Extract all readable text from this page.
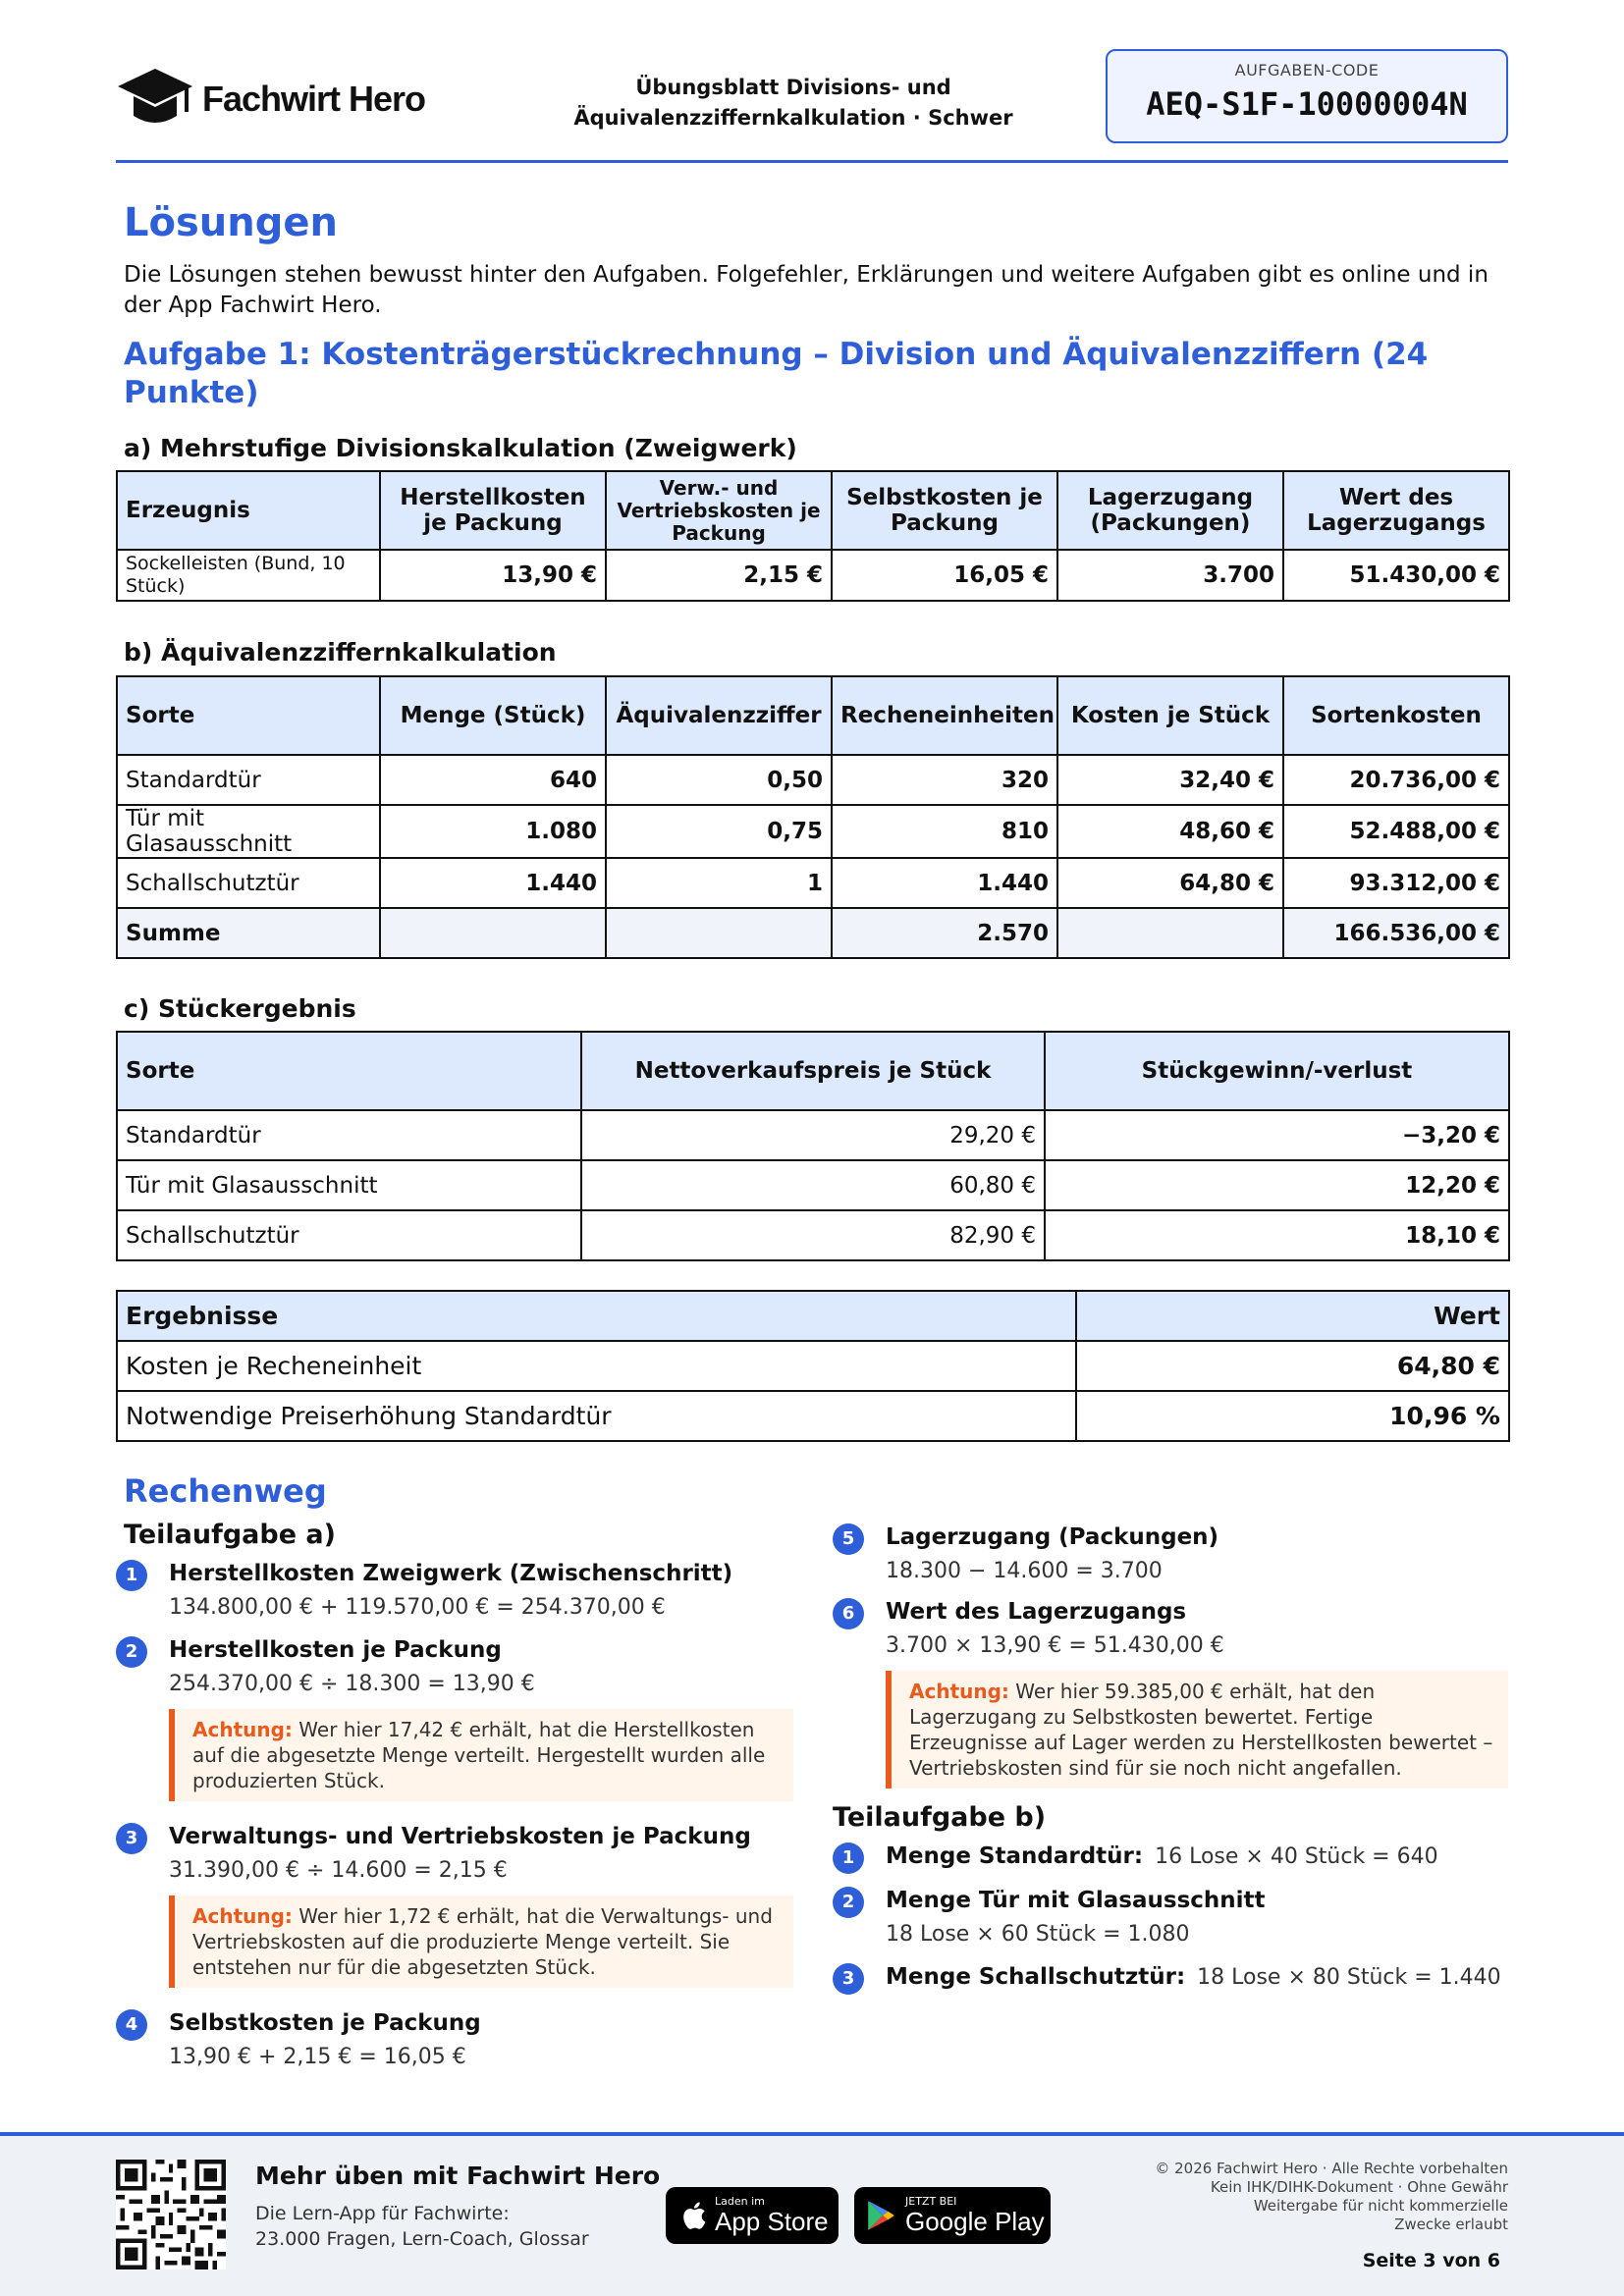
Fachwirt Hero	Übungsblatt Divisions- und
Äquivalenzziffernkalkulation · Schwer
AUFGABEN-CODE
AEQ-S1F-10000004N
Lösungen
Die Lösungen stehen bewusst hinter den Aufgaben. Folgefehler, Erklärungen und weitere Aufgaben gibt es online und in der App Fachwirt Hero.
Aufgabe 1: Kostenträgerstückrechnung – Division und Äquivalenzziffern (24 Punkte)
a) Mehrstufige Divisionskalkulation (Zweigwerk)
Erzeugnis	Herstellkosten je Packung	Verw.- und Vertriebskosten je Packung	Selbstkosten je Packung	Lagerzugang (Packungen)	Wert des Lagerzugangs
Sockelleisten (Bund, 10 Stück)	13,90 €	2,15 €	16,05 €	3.700	51.430,00 €
b) Äquivalenzziffernkalkulation
Sorte	Menge (Stück)	Äquivalenzziffer	Recheneinheiten	Kosten je Stück	Sortenkosten
Standardtür	640	0,50	320	32,40 €	20.736,00 €
Tür mit Glasausschnitt	1.080	0,75	810	48,60 €	52.488,00 €
Schallschutztür	1.440	1	1.440	64,80 €	93.312,00 €
Summe			2.570		166.536,00 €
c) Stückergebnis
Sorte	Nettoverkaufspreis je Stück	Stückgewinn/-verlust
Standardtür	29,20 €	−3,20 €
Tür mit Glasausschnitt	60,80 €	12,20 €
Schallschutztür	82,90 €	18,10 €
Ergebnisse	Wert
Kosten je Recheneinheit	64,80 €
Notwendige Preiserhöhung Standardtür	10,96 %
Rechenweg
Teilaufgabe a)
1	Herstellkosten Zweigwerk (Zwischenschritt)
134.800,00 € + 119.570,00 € = 254.370,00 €
2	Herstellkosten je Packung
254.370,00 € ÷ 18.300 = 13,90 €
Achtung: Wer hier 17,42 € erhält, hat die Herstellkosten auf die abgesetzte Menge verteilt. Hergestellt wurden alle produzierten Stück.
3	Verwaltungs- und Vertriebskosten je Packung
31.390,00 € ÷ 14.600 = 2,15 €
Achtung: Wer hier 1,72 € erhält, hat die Verwaltungs- und Vertriebskosten auf die produzierte Menge verteilt. Sie entstehen nur für die abgesetzten Stück.
4	Selbstkosten je Packung
13,90 € + 2,15 € = 16,05 €
5	Lagerzugang (Packungen)
18.300 − 14.600 = 3.700
6	Wert des Lagerzugangs
3.700 × 13,90 € = 51.430,00 €
Achtung: Wer hier 59.385,00 € erhält, hat den Lagerzugang zu Selbstkosten bewertet. Fertige Erzeugnisse auf Lager werden zu Herstellkosten bewertet – Vertriebskosten sind für sie noch nicht angefallen.
Teilaufgabe b)
1	Menge Standardtür: 16 Lose × 40 Stück = 640
2	Menge Tür mit Glasausschnitt
18 Lose × 60 Stück = 1.080
3	Menge Schallschutztür: 18 Lose × 80 Stück = 1.440
Mehr üben mit Fachwirt Hero
Die Lern-App für Fachwirte:
23.000 Fragen, Lern-Coach, Glossar
Laden im
App Store
JETZT BEI
Google Play
© 2026 Fachwirt Hero · Alle Rechte vorbehalten
Kein IHK/DIHK-Dokument · Ohne Gewähr
Weitergabe für nicht kommerzielle
Zwecke erlaubt
Seite 3 von 6
